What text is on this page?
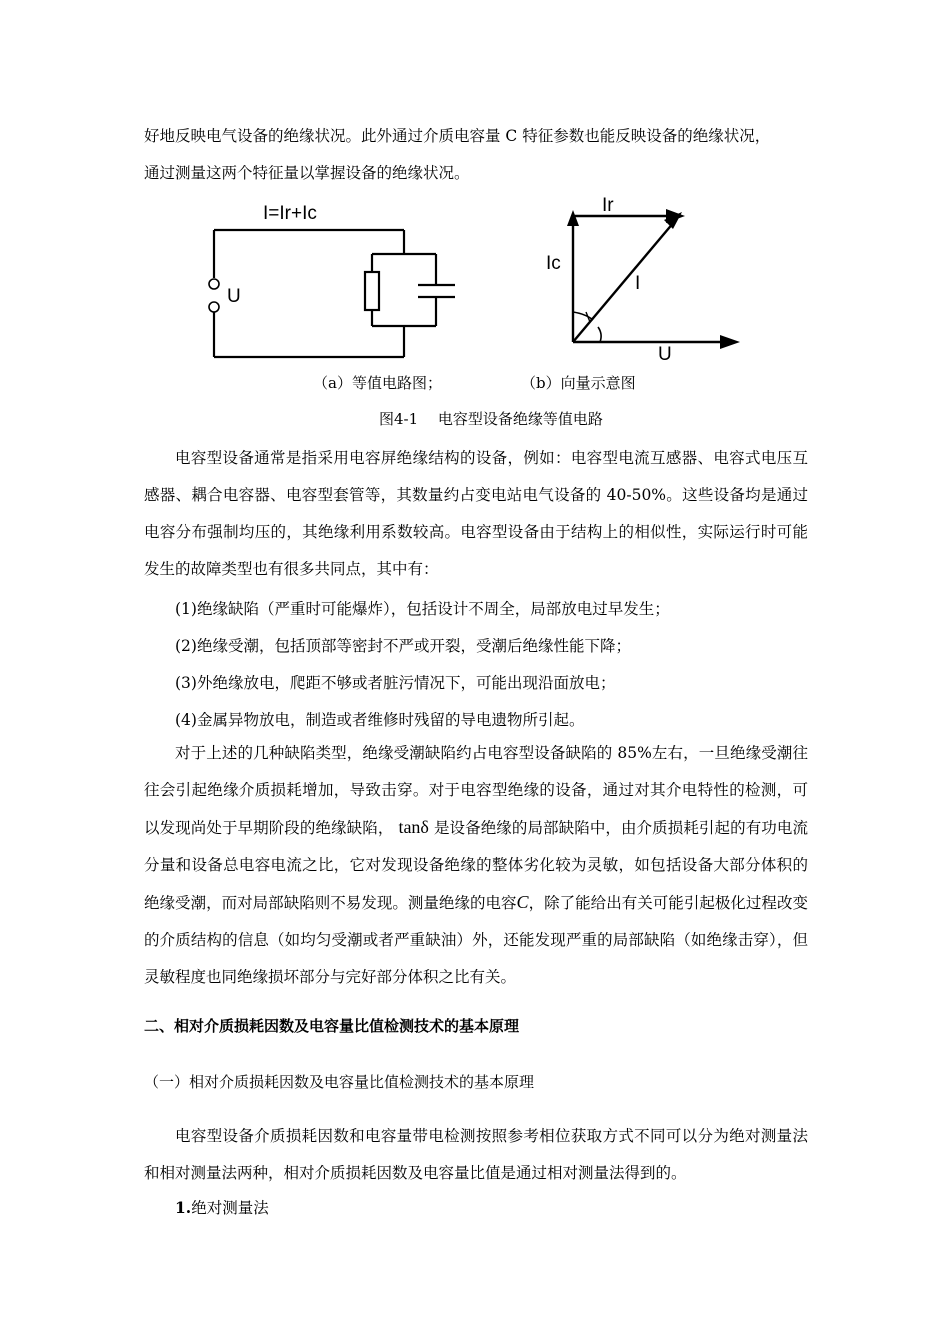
好地反映电气设备的绝缘状况。此外通过介质电容量 C 特征参数也能反映设备的绝缘状况，

通过测量这两个特征量以掌握设备的绝缘状况。

I=Ir+Ic
U
Ir
Ic
I
U

（a）等值电路图；	（b）向量示意图

图4-1　 电容型设备绝缘等值电路

电容型设备通常是指采用电容屏绝缘结构的设备，例如：电容型电流互感器、电容式电压互感器、耦合电容器、电容型套管等，其数量约占变电站电气设备的 40-50%。这些设备均是通过电容分布强制均压的，其绝缘利用系数较高。电容型设备由于结构上的相似性，实际运行时可能发生的故障类型也有很多共同点，其中有：

(1)绝缘缺陷（严重时可能爆炸），包括设计不周全，局部放电过早发生；

(2)绝缘受潮，包括顶部等密封不严或开裂，受潮后绝缘性能下降；

(3)外绝缘放电，爬距不够或者脏污情况下，可能出现沿面放电；

(4)金属异物放电，制造或者维修时残留的导电遗物所引起。

对于上述的几种缺陷类型，绝缘受潮缺陷约占电容型设备缺陷的 85%左右，一旦绝缘受潮往往会引起绝缘介质损耗增加，导致击穿。对于电容型绝缘的设备，通过对其介电特性的检测，可以发现尚处于早期阶段的绝缘缺陷， tanδ 是设备绝缘的局部缺陷中，由介质损耗引起的有功电流分量和设备总电容电流之比，它对发现设备绝缘的整体劣化较为灵敏，如包括设备大部分体积的绝缘受潮，而对局部缺陷则不易发现。测量绝缘的电容C，除了能给出有关可能引起极化过程改变的介质结构的信息（如均匀受潮或者严重缺油）外，还能发现严重的局部缺陷（如绝缘击穿），但灵敏程度也同绝缘损坏部分与完好部分体积之比有关。

二、相对介质损耗因数及电容量比值检测技术的基本原理

（一）相对介质损耗因数及电容量比值检测技术的基本原理

电容型设备介质损耗因数和电容量带电检测按照参考相位获取方式不同可以分为绝对测量法和相对测量法两种，相对介质损耗因数及电容量比值是通过相对测量法得到的。

1.绝对测量法
